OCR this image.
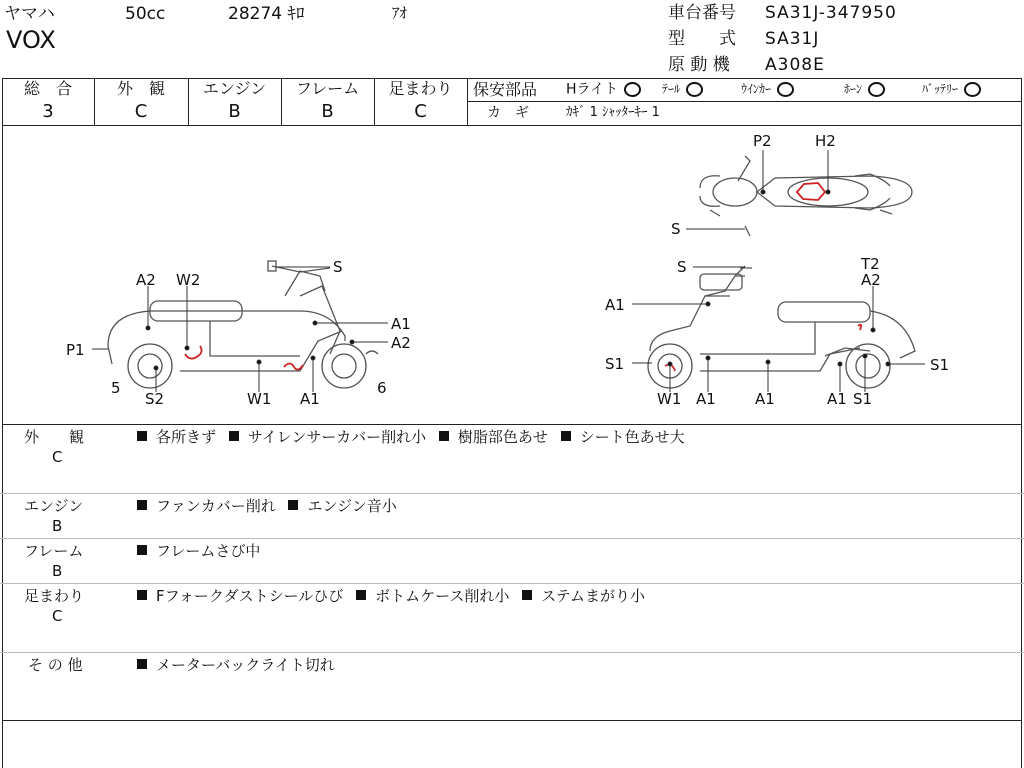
ヤマハ	50cc	28274 ｷﾛ	ｱｵ
VOX
車台番号 SA31J-347950
型　　式 SA31J
原 動 機 A308E
総　合	外　観	エンジン	フレーム	足まわり
3	C	B	B	C
保安部品 Hライト	ﾃｰﾙ	ｳｲﾝｶｰ	ﾎｰﾝ	ﾊﾞｯﾃﾘｰ
カ　ギ	ｶｷﾞ 1 ｼｬｯﾀｰｷｰ 1
A2 W2
S
A1
A2
P1
5
S2	W1 A1
6
S	T2
A2
A1
S1	S1
W1 A1	A1	A1 S1
P2	H2
S
外　　観
C
各所きず サイレンサーカバー削れ小 樹脂部色あせ シート色あせ大
エンジン
B
ファンカバー削れ エンジン音小
フレーム
B
フレームさび中
足まわり
C
Fフォークダストシールひび ボトムケース削れ小 ステムまがり小
そ の 他	メーターバックライト切れ
